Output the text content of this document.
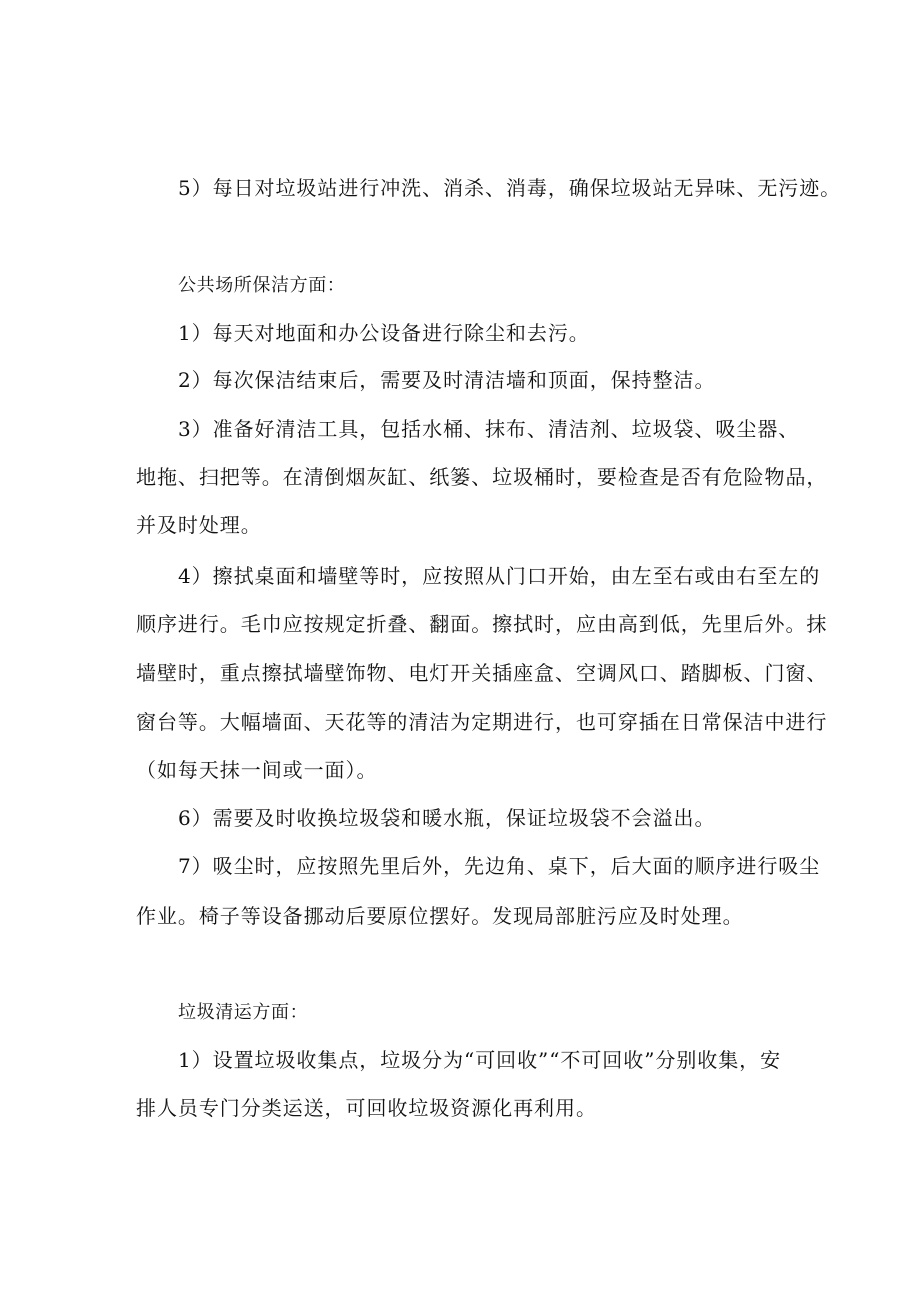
5）每日对垃圾站进行冲洗、消杀、消毒，确保垃圾站无异味、无污迹。
公共场所保洁方面：
1）每天对地面和办公设备进行除尘和去污。
2）每次保洁结束后，需要及时清洁墙和顶面，保持整洁。
3）准备好清洁工具，包括水桶、抹布、清洁剂、垃圾袋、吸尘器、
地拖、扫把等。在清倒烟灰缸、纸篓、垃圾桶时，要检查是否有危险物品，
并及时处理。
4）擦拭桌面和墙壁等时，应按照从门口开始，由左至右或由右至左的
顺序进行。毛巾应按规定折叠、翻面。擦拭时，应由高到低，先里后外。抹
墙壁时，重点擦拭墙壁饰物、电灯开关插座盒、空调风口、踏脚板、门窗、
窗台等。大幅墙面、天花等的清洁为定期进行，也可穿插在日常保洁中进行
（如每天抹一间或一面）。
6）需要及时收换垃圾袋和暖水瓶，保证垃圾袋不会溢出。
7）吸尘时，应按照先里后外，先边角、桌下，后大面的顺序进行吸尘
作业。椅子等设备挪动后要原位摆好。发现局部脏污应及时处理。
垃圾清运方面：
1）设置垃圾收集点，垃圾分为“可回收”“不可回收”分别收集，安
排人员专门分类运送，可回收垃圾资源化再利用。
